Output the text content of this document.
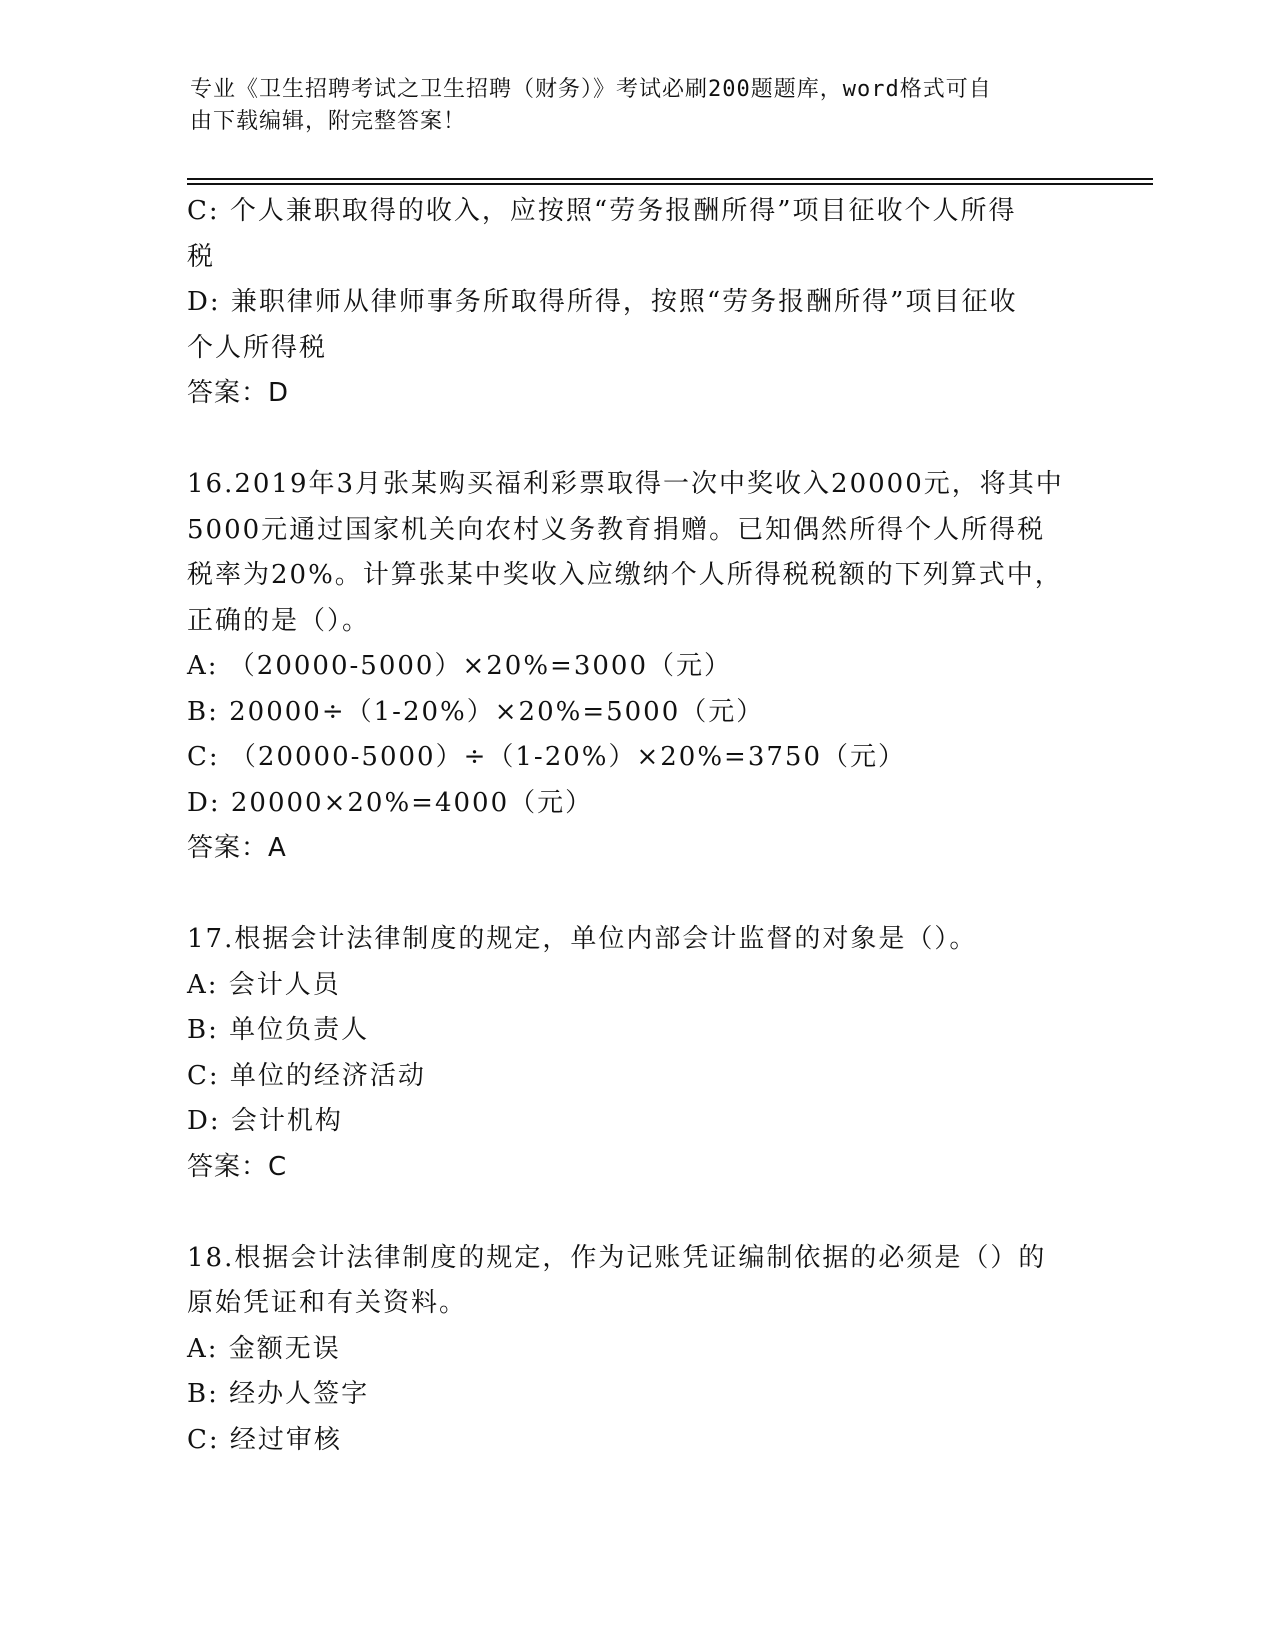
专业《卫生招聘考试之卫生招聘（财务）》考试必刷200题题库，word格式可自
由下载编辑，附完整答案！
C: 个人兼职取得的收入，应按照“劳务报酬所得”项目征收个人所得
税
D: 兼职律师从律师事务所取得所得，按照“劳务报酬所得”项目征收
个人所得税
答案：D
16.2019年3月张某购买福利彩票取得一次中奖收入20000元，将其中
5000元通过国家机关向农村义务教育捐赠。已知偶然所得个人所得税
税率为20%。计算张某中奖收入应缴纳个人所得税税额的下列算式中，
正确的是（）。
A: （20000-5000）×20%=3000（元）
B: 20000÷（1-20%）×20%=5000（元）
C: （20000-5000）÷（1-20%）×20%=3750（元）
D: 20000×20%=4000（元）
答案：A
17.根据会计法律制度的规定，单位内部会计监督的对象是（）。
A: 会计人员
B: 单位负责人
C: 单位的经济活动
D: 会计机构
答案：C
18.根据会计法律制度的规定，作为记账凭证编制依据的必须是（）的
原始凭证和有关资料。
A: 金额无误
B: 经办人签字
C: 经过审核
